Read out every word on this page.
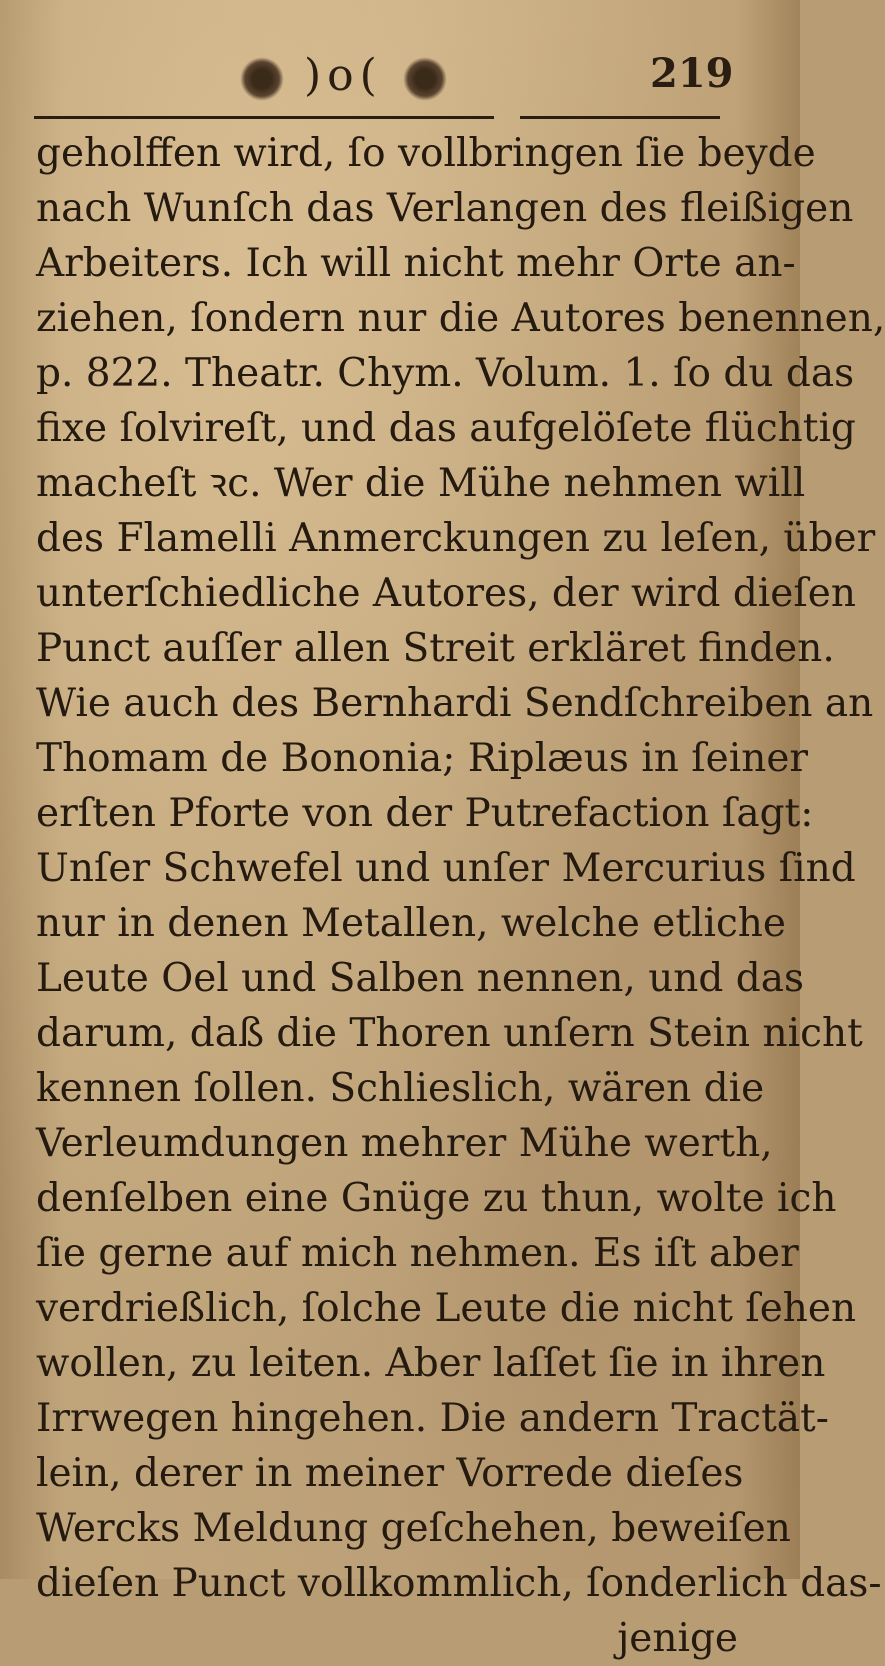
)o(	219
geholffen wird, ſo vollbringen ſie beyde
nach Wunſch das Verlangen des fleißigen
Arbeiters. Ich will nicht mehr Orte an-
ziehen, ſondern nur die Autores benennen,
p. 822. Theatr. Chym. Volum. 1. ſo du das
fixe ſolvireſt, und das aufgelöſete flüchtig
macheſt ꝛc. Wer die Mühe nehmen will
des Flamelli Anmerckungen zu leſen, über
unterſchiedliche Autores, der wird dieſen
Punct auſſer allen Streit erkläret finden.
Wie auch des Bernhardi Sendſchreiben an
Thomam de Bononia; Riplæus in ſeiner
erſten Pforte von der Putrefaction ſagt:
Unſer Schwefel und unſer Mercurius ſind
nur in denen Metallen, welche etliche
Leute Oel und Salben nennen, und das
darum, daß die Thoren unſern Stein nicht
kennen ſollen. Schlieslich, wären die
Verleumdungen mehrer Mühe werth,
denſelben eine Gnüge zu thun, wolte ich
ſie gerne auf mich nehmen. Es iſt aber
verdrießlich, ſolche Leute die nicht ſehen
wollen, zu leiten. Aber laſſet ſie in ihren
Irrwegen hingehen. Die andern Tractät-
lein, derer in meiner Vorrede dieſes
Wercks Meldung geſchehen, beweiſen
dieſen Punct vollkommlich, ſonderlich das-
jenige
